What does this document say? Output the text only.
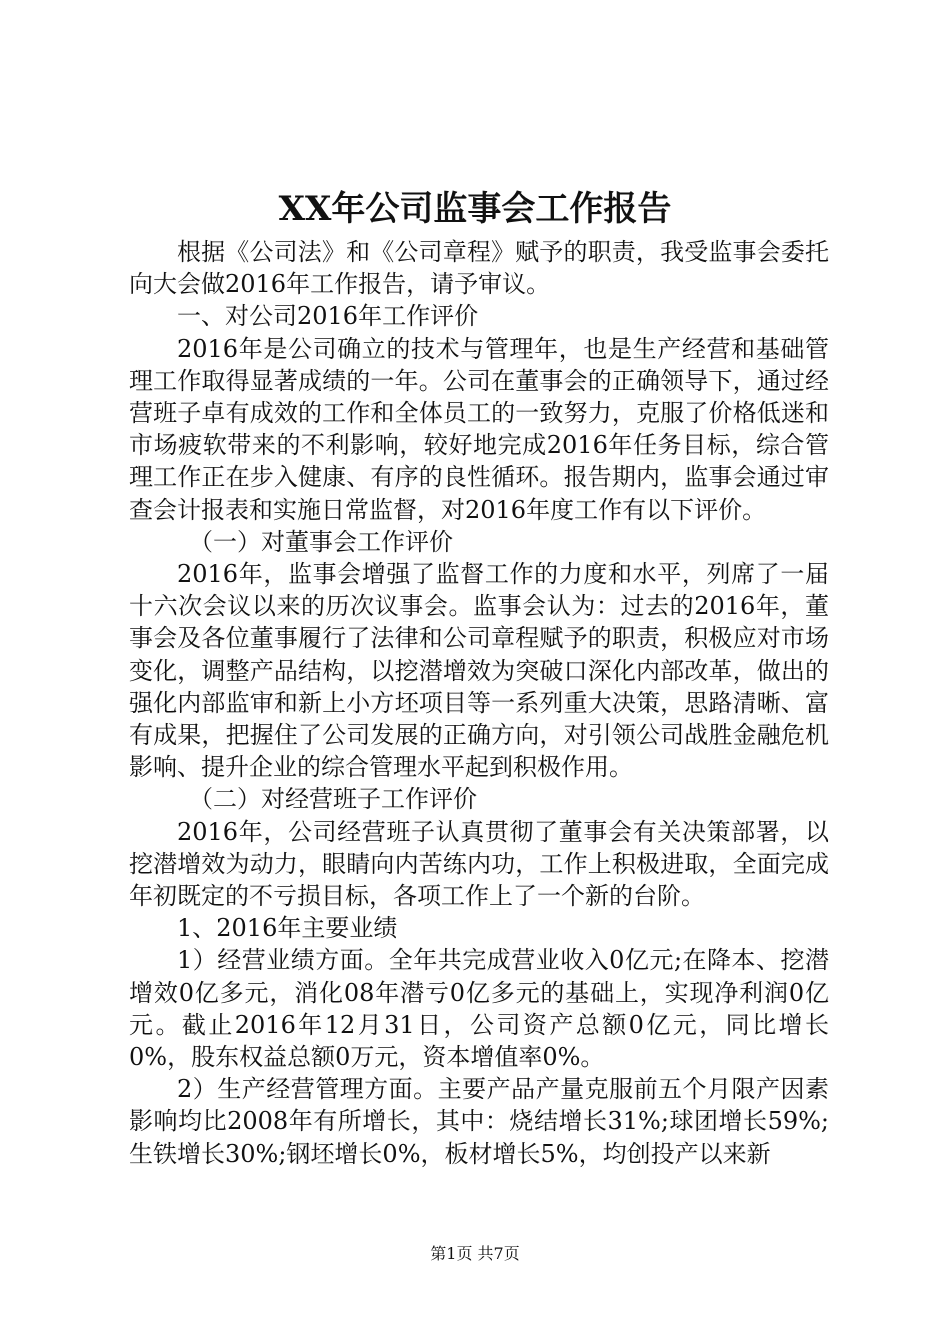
XX年公司监事会工作报告

根据《公司法》和《公司章程》赋予的职责，我受监事会委托向大会做2016年工作报告，请予审议。

一、对公司2016年工作评价

2016年是公司确立的技术与管理年，也是生产经营和基础管理工作取得显著成绩的一年。公司在董事会的正确领导下，通过经营班子卓有成效的工作和全体员工的一致努力，克服了价格低迷和市场疲软带来的不利影响，较好地完成2016年任务目标，综合管理工作正在步入健康、有序的良性循环。报告期内，监事会通过审查会计报表和实施日常监督，对2016年度工作有以下评价。

（一）对董事会工作评价

2016年，监事会增强了监督工作的力度和水平，列席了一届十六次会议以来的历次议事会。监事会认为：过去的2016年，董事会及各位董事履行了法律和公司章程赋予的职责，积极应对市场变化，调整产品结构，以挖潜增效为突破口深化内部改革，做出的强化内部监审和新上小方坯项目等一系列重大决策，思路清晰、富有成果，把握住了公司发展的正确方向，对引领公司战胜金融危机影响、提升企业的综合管理水平起到积极作用。

（二）对经营班子工作评价

2016年，公司经营班子认真贯彻了董事会有关决策部署，以挖潜增效为动力，眼睛向内苦练内功，工作上积极进取，全面完成年初既定的不亏损目标，各项工作上了一个新的台阶。

1、2016年主要业绩

1）经营业绩方面。全年共完成营业收入0亿元;在降本、挖潜增效0亿多元，消化08年潜亏0亿多元的基础上，实现净利润0亿元。截止2016年12月31日，公司资产总额0亿元，同比增长0%，股东权益总额0万元，资本增值率0%。

2）生产经营管理方面。主要产品产量克服前五个月限产因素影响均比2008年有所增长，其中：烧结增长31%;球团增长59%;生铁增长30%;钢坯增长0%，板材增长5%，均创投产以来新

第1页 共7页
